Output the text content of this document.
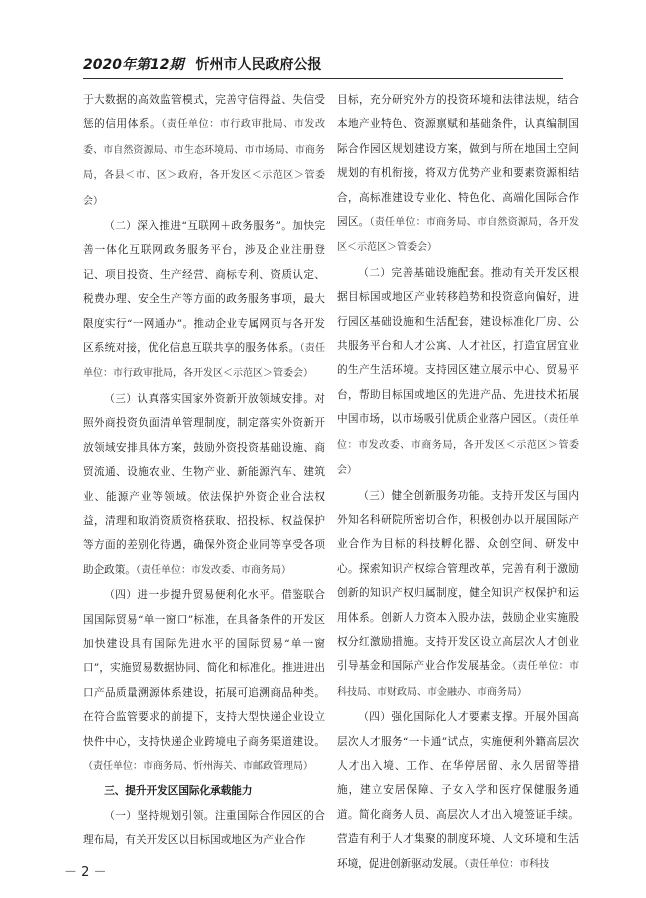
2020年第12期 忻州市人民政府公报

于大数据的高效监管模式，完善守信得益、失信受惩的信用体系。（责任单位：市行政审批局、市发改委、市自然资源局、市生态环境局、市市场局、市商务局，各县＜市、区＞政府，各开发区＜示范区＞管委会）

（二）深入推进“互联网＋政务服务”。加快完善一体化互联网政务服务平台，涉及企业注册登记、项目投资、生产经营、商标专利、资质认定、税费办理、安全生产等方面的政务服务事项，最大限度实行“一网通办”。推动企业专属网页与各开发区系统对接，优化信息互联共享的服务体系。（责任单位：市行政审批局，各开发区＜示范区＞管委会）

（三）认真落实国家外资新开放领域安排。对照外商投资负面清单管理制度，制定落实外资新开放领域安排具体方案，鼓励外资投资基础设施、商贸流通、设施农业、生物产业、新能源汽车、建筑业、能源产业等领域。依法保护外资企业合法权益，清理和取消资质资格获取、招投标、权益保护等方面的差别化待遇，确保外资企业同等享受各项助企政策。（责任单位：市发改委、市商务局）

（四）进一步提升贸易便利化水平。借鉴联合国国际贸易“单一窗口”标准，在具备条件的开发区加快建设具有国际先进水平的国际贸易“单一窗口”，实施贸易数据协同、简化和标准化。推进进出口产品质量溯源体系建设，拓展可追溯商品种类。在符合监管要求的前提下，支持大型快递企业设立快件中心，支持快递企业跨境电子商务渠道建设。（责任单位：市商务局、忻州海关、市邮政管理局）

三、提升开发区国际化承载能力

（一）坚持规划引领。注重国际合作园区的合理布局，有关开发区以目标国或地区为产业合作

目标，充分研究外方的投资环境和法律法规，结合本地产业特色、资源禀赋和基础条件，认真编制国际合作园区规划建设方案，做到与所在地国土空间规划的有机衔接，将双方优势产业和要素资源相结合，高标准建设专业化、特色化、高端化国际合作园区。（责任单位：市商务局、市自然资源局，各开发区＜示范区＞管委会）

（二）完善基础设施配套。推动有关开发区根据目标国或地区产业转移趋势和投资意向偏好，进行园区基础设施和生活配套，建设标准化厂房、公共服务平台和人才公寓、人才社区，打造宜居宜业的生产生活环境。支持园区建立展示中心、贸易平台，帮助目标国或地区的先进产品、先进技术拓展中国市场，以市场吸引优质企业落户园区。（责任单位：市发改委、市商务局，各开发区＜示范区＞管委会）

（三）健全创新服务功能。支持开发区与国内外知名科研院所密切合作，积极创办以开展国际产业合作为目标的科技孵化器、众创空间、研发中心。探索知识产权综合管理改革，完善有利于激励创新的知识产权归属制度，健全知识产权保护和运用体系。创新人力资本入股办法，鼓励企业实施股权分红激励措施。支持开发区设立高层次人才创业引导基金和国际产业合作发展基金。（责任单位：市科技局、市财政局、市金融办、市商务局）

（四）强化国际化人才要素支撑。开展外国高层次人才服务“一卡通”试点，实施便利外籍高层次人才出入境、工作、在华停居留、永久居留等措施，建立安居保障、子女入学和医疗保健服务通道。简化商务人员、高层次人才出入境签证手续。营造有利于人才集聚的制度环境、人文环境和生活环境，促进创新驱动发展。（责任单位：市科技

－ 2 －
